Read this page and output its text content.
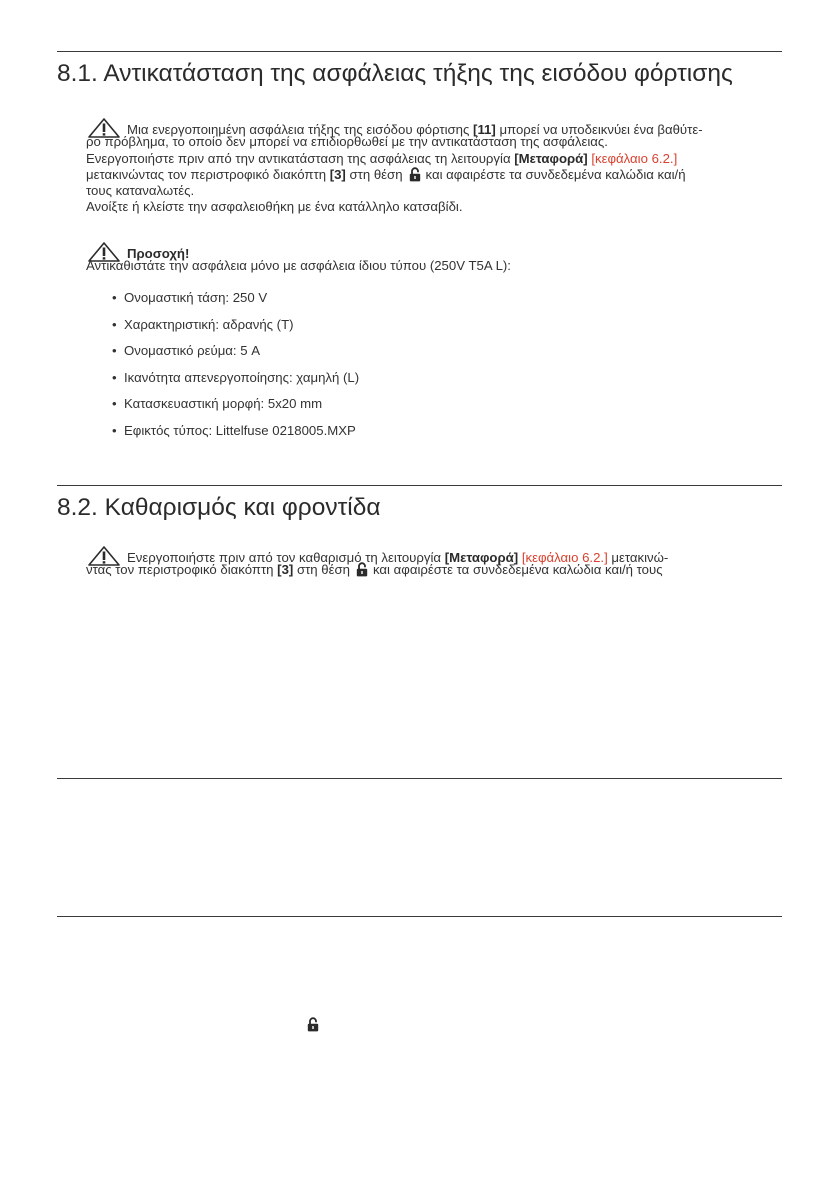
8.1. Αντικατάσταση της ασφάλειας τήξης της εισόδου φόρτισης
Μια ενεργοποιημένη ασφάλεια τήξης της εισόδου φόρτισης [11] μπορεί να υποδεικνύει ένα βαθύτε-
ρο πρόβλημα, το οποίο δεν μπορεί να επιδιορθωθεί με την αντικατάσταση της ασφάλειας.
Ενεργοποιήστε πριν από την αντικατάσταση της ασφάλειας τη λειτουργία [Μεταφορά] [κεφάλαιο 6.2.]
μετακινώντας τον περιστροφικό διακόπτη [3] στη θέση και αφαιρέστε τα συνδεδεμένα καλώδια και/ή
τους καταναλωτές.
Ανοίξτε ή κλείστε την ασφαλειοθήκη με ένα κατάλληλο κατσαβίδι.
Προσοχή!
Αντικαθιστάτε την ασφάλεια μόνο με ασφάλεια ίδιου τύπου (250V T5A L):
• Ονομαστική τάση: 250 V
• Χαρακτηριστική: αδρανής (T)
• Ονομαστικό ρεύμα: 5 A
• Ικανότητα απενεργοποίησης: χαμηλή (L)
• Κατασκευαστική μορφή: 5x20 mm
• Εφικτός τύπος: Littelfuse 0218005.MXP
8.2. Καθαρισμός και φροντίδα
Ενεργοποιήστε πριν από τον καθαρισμό τη λειτουργία [Μεταφορά] [κεφάλαιο 6.2.] μετακινώ-
ντας τον περιστροφικό διακόπτη [3] στη θέση και αφαιρέστε τα συνδεδεμένα καλώδια και/ή τους
